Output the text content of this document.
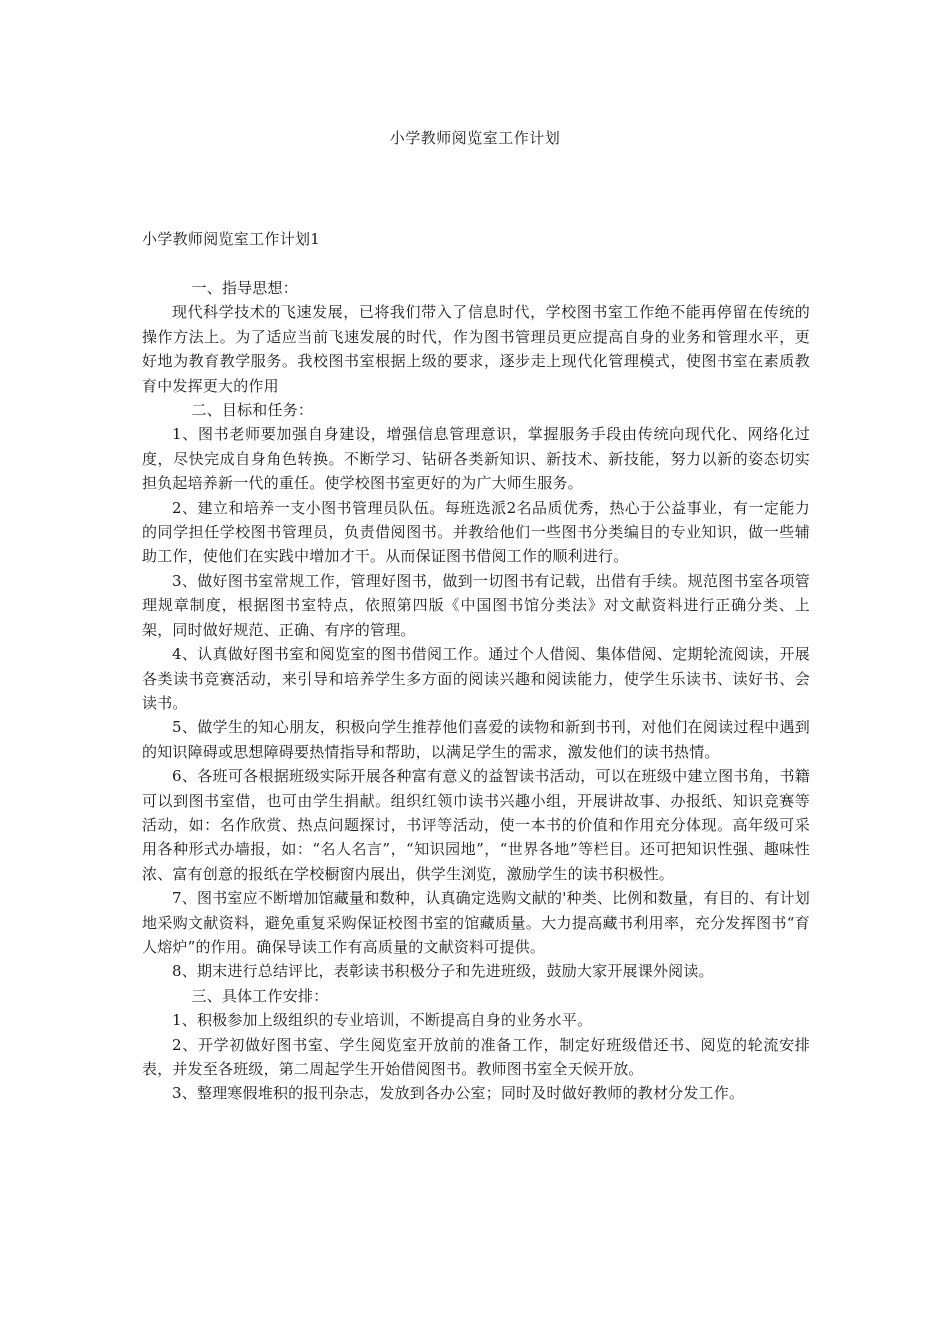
小学教师阅览室工作计划
小学教师阅览室工作计划1

一、指导思想：

现代科学技术的飞速发展，已将我们带入了信息时代，学校图书室工作绝不能再停留在传统的操作方法上。为了适应当前飞速发展的时代，作为图书管理员更应提高自身的业务和管理水平，更好地为教育教学服务。我校图书室根据上级的要求，逐步走上现代化管理模式，使图书室在素质教育中发挥更大的作用

二、目标和任务：

1、图书老师要加强自身建设，增强信息管理意识，掌握服务手段由传统向现代化、网络化过度，尽快完成自身角色转换。不断学习、钻研各类新知识、新技术、新技能，努力以新的姿态切实担负起培养新一代的重任。使学校图书室更好的为广大师生服务。

2、建立和培养一支小图书管理员队伍。每班选派2名品质优秀，热心于公益事业，有一定能力的同学担任学校图书管理员，负责借阅图书。并教给他们一些图书分类编目的专业知识，做一些辅助工作，使他们在实践中增加才干。从而保证图书借阅工作的顺利进行。

3、做好图书室常规工作，管理好图书，做到一切图书有记载，出借有手续。规范图书室各项管理规章制度，根据图书室特点，依照第四版《中国图书馆分类法》对文献资料进行正确分类、上架，同时做好规范、正确、有序的管理。

4、认真做好图书室和阅览室的图书借阅工作。通过个人借阅、集体借阅、定期轮流阅读，开展各类读书竞赛活动，来引导和培养学生多方面的阅读兴趣和阅读能力，使学生乐读书、读好书、会读书。

5、做学生的知心朋友，积极向学生推荐他们喜爱的读物和新到书刊，对他们在阅读过程中遇到的知识障碍或思想障碍要热情指导和帮助，以满足学生的需求，激发他们的读书热情。

6、各班可各根据班级实际开展各种富有意义的益智读书活动，可以在班级中建立图书角，书籍可以到图书室借，也可由学生捐献。组织红领巾读书兴趣小组，开展讲故事、办报纸、知识竞赛等活动，如：名作欣赏、热点问题探讨，书评等活动，使一本书的价值和作用充分体现。高年级可采用各种形式办墙报，如：“名人名言”，“知识园地”，“世界各地”等栏目。还可把知识性强、趣味性浓、富有创意的报纸在学校橱窗内展出，供学生浏览，激励学生的读书积极性。

7、图书室应不断增加馆藏量和数种，认真确定选购文献的'种类、比例和数量，有目的、有计划地采购文献资料，避免重复采购保证校图书室的馆藏质量。大力提高藏书利用率，充分发挥图书“育人熔炉”的作用。确保导读工作有高质量的文献资料可提供。

8、期末进行总结评比，表彰读书积极分子和先进班级，鼓励大家开展课外阅读。

三、具体工作安排：

1、积极参加上级组织的专业培训，不断提高自身的业务水平。

2、开学初做好图书室、学生阅览室开放前的准备工作，制定好班级借还书、阅览的轮流安排表，并发至各班级，第二周起学生开始借阅图书。教师图书室全天候开放。

3、整理寒假堆积的报刊杂志，发放到各办公室；同时及时做好教师的教材分发工作。
